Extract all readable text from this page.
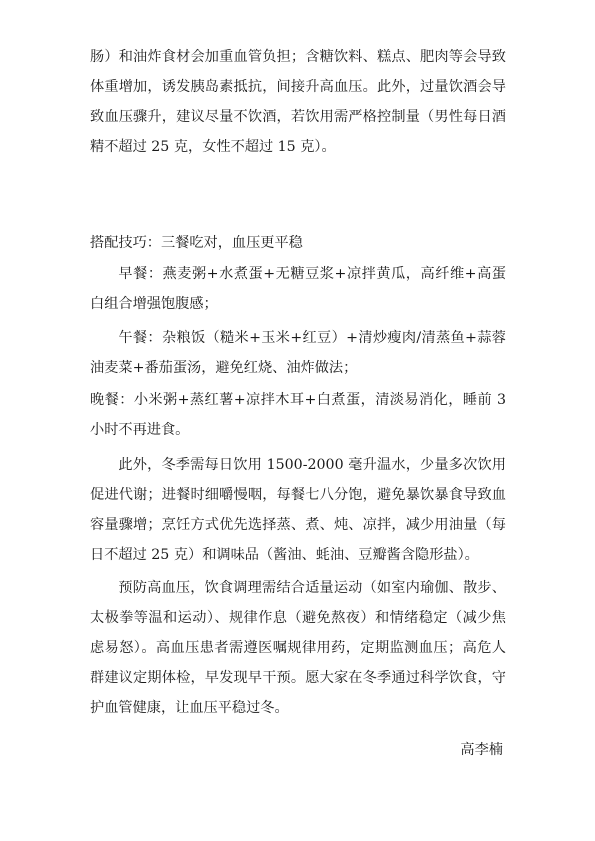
肠）和油炸食材会加重血管负担；含糖饮料、糕点、肥肉等会导致体重增加，诱发胰岛素抵抗，间接升高血压。此外，过量饮酒会导致血压骤升，建议尽量不饮酒，若饮用需严格控制量（男性每日酒精不超过 25 克，女性不超过 15 克）。

搭配技巧：三餐吃对，血压更平稳

早餐：燕麦粥+水煮蛋+无糖豆浆+凉拌黄瓜，高纤维+高蛋白组合增强饱腹感；

午餐：杂粮饭（糙米+玉米+红豆）+清炒瘦肉/清蒸鱼+蒜蓉油麦菜+番茄蛋汤，避免红烧、油炸做法；

晚餐：小米粥+蒸红薯+凉拌木耳+白煮蛋，清淡易消化，睡前 3 小时不再进食。

此外，冬季需每日饮用 1500-2000 毫升温水，少量多次饮用促进代谢；进餐时细嚼慢咽，每餐七八分饱，避免暴饮暴食导致血容量骤增；烹饪方式优先选择蒸、煮、炖、凉拌，减少用油量（每日不超过 25 克）和调味品（酱油、蚝油、豆瓣酱含隐形盐）。

预防高血压，饮食调理需结合适量运动（如室内瑜伽、散步、太极拳等温和运动）、规律作息（避免熬夜）和情绪稳定（减少焦虑易怒）。高血压患者需遵医嘱规律用药，定期监测血压；高危人群建议定期体检，早发现早干预。愿大家在冬季通过科学饮食，守护血管健康，让血压平稳过冬。

高李楠
